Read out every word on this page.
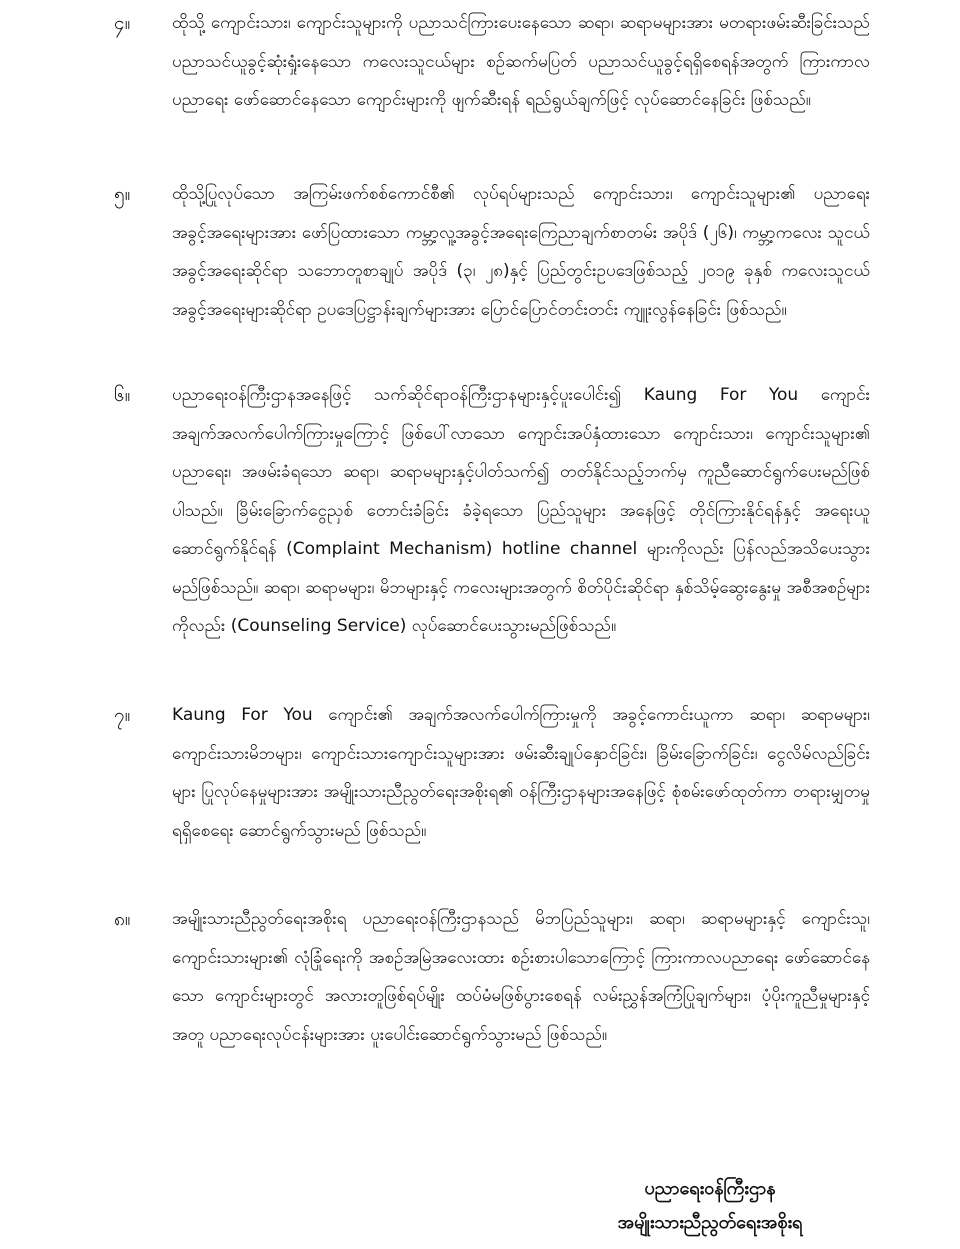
၄။ ထိုသို့ ကျောင်းသား၊ ကျောင်းသူများကို ပညာသင်ကြားပေးနေသော ဆရာ၊ ဆရာမများအား မတရားဖမ်းဆီးခြင်းသည် ပညာသင်ယူခွင့်ဆုံးရှုံးနေသော ကလေးသူငယ်များ စဉ်ဆက်မပြတ် ပညာသင်ယူခွင့်ရရှိစေရန်အတွက် ကြားကာလပညာရေး ဖော်ဆောင်နေသော ကျောင်းများကို ဖျက်ဆီးရန် ရည်ရွယ်ချက်ဖြင့် လုပ်ဆောင်နေခြင်း ဖြစ်သည်။
၅။ ထိုသို့ပြုလုပ်သော အကြမ်းဖက်စစ်ကောင်စီ၏ လုပ်ရပ်များသည် ကျောင်းသား၊ ကျောင်းသူများ၏ ပညာရေးအခွင့်အရေးများအား ဖော်ပြထားသော ကမ္ဘာ့လူ့အခွင့်အရေးကြေညာချက်စာတမ်း အပိုဒ် (၂၆)၊ ကမ္ဘာ့ကလေး သူငယ်အခွင့်အရေးဆိုင်ရာ သဘောတူစာချုပ် အပိုဒ် (၃၊ ၂၈)နှင့် ပြည်တွင်းဥပဒေဖြစ်သည့် ၂၀၁၉ ခုနှစ် ကလေးသူငယ်အခွင့်အရေးများဆိုင်ရာ ဥပဒေပြဋ္ဌာန်းချက်များအား ပြောင်ပြောင်တင်းတင်း ကျူးလွန်နေခြင်း ဖြစ်သည်။
၆။ ပညာရေးဝန်ကြီးဌာနအနေဖြင့် သက်ဆိုင်ရာဝန်ကြီးဌာနများနှင့်ပူးပေါင်း၍ Kaung For You ကျောင်း အချက်အလက်ပေါက်ကြားမှုကြောင့် ဖြစ်ပေါ်လာသော ကျောင်းအပ်နှံထားသော ကျောင်းသား၊ ကျောင်းသူများ၏ ပညာရေး၊ အဖမ်းခံရသော ဆရာ၊ ဆရာမများနှင့်ပါတ်သက်၍ တတ်နိုင်သည့်ဘက်မှ ကူညီဆောင်ရွက်ပေးမည်ဖြစ်ပါသည်။ ခြိမ်းခြောက်ငွေညှစ် တောင်းခံခြင်း ခံခဲ့ရသော ပြည်သူများ အနေဖြင့် တိုင်ကြားနိုင်ရန်နှင့် အရေးယူဆောင်ရွက်နိုင်ရန် (Complaint Mechanism) hotline channel များကိုလည်း ပြန်လည်အသိပေးသွားမည်ဖြစ်သည်။ ဆရာ၊ ဆရာမများ၊ မိဘများနှင့် ကလေးများအတွက် စိတ်ပိုင်းဆိုင်ရာ နှစ်သိမ့်ဆွေးနွေးမှု အစီအစဉ်များကိုလည်း (Counseling Service) လုပ်ဆောင်ပေးသွားမည်ဖြစ်သည်။
၇။ Kaung For You ကျောင်း၏ အချက်အလက်ပေါက်ကြားမှုကို အခွင့်ကောင်းယူကာ ဆရာ၊ ဆရာမများ၊ ကျောင်းသားမိဘများ၊ ကျောင်းသားကျောင်းသူများအား ဖမ်းဆီးချုပ်နှောင်ခြင်း၊ ခြိမ်းခြောက်ခြင်း၊ ငွေလိမ်လည်ခြင်းများ ပြုလုပ်နေမှုများအား အမျိုးသားညီညွတ်ရေးအစိုးရ၏ ဝန်ကြီးဌာနများအနေဖြင့် စုံစမ်းဖော်ထုတ်ကာ တရားမျှတမှုရရှိစေရေး ဆောင်ရွက်သွားမည် ဖြစ်သည်။
၈။ အမျိုးသားညီညွတ်ရေးအစိုးရ ပညာရေးဝန်ကြီးဌာနသည် မိဘပြည်သူများ၊ ဆရာ၊ ဆရာမများနှင့် ကျောင်းသူ၊ ကျောင်းသားများ၏ လုံခြုံရေးကို အစဉ်အမြဲအလေးထား စဉ်းစားပါသောကြောင့် ကြားကာလပညာရေး ဖော်ဆောင်နေသော ကျောင်းများတွင် အလားတူဖြစ်ရပ်မျိုး ထပ်မံမဖြစ်ပွားစေရန် လမ်းညွှန်အကြံပြုချက်များ၊ ပံ့ပိုးကူညီမှုများနှင့်အတူ ပညာရေးလုပ်ငန်းများအား ပူးပေါင်းဆောင်ရွက်သွားမည် ဖြစ်သည်။
ပညာရေးဝန်ကြီးဌာန
အမျိုးသားညီညွတ်ရေးအစိုးရ
